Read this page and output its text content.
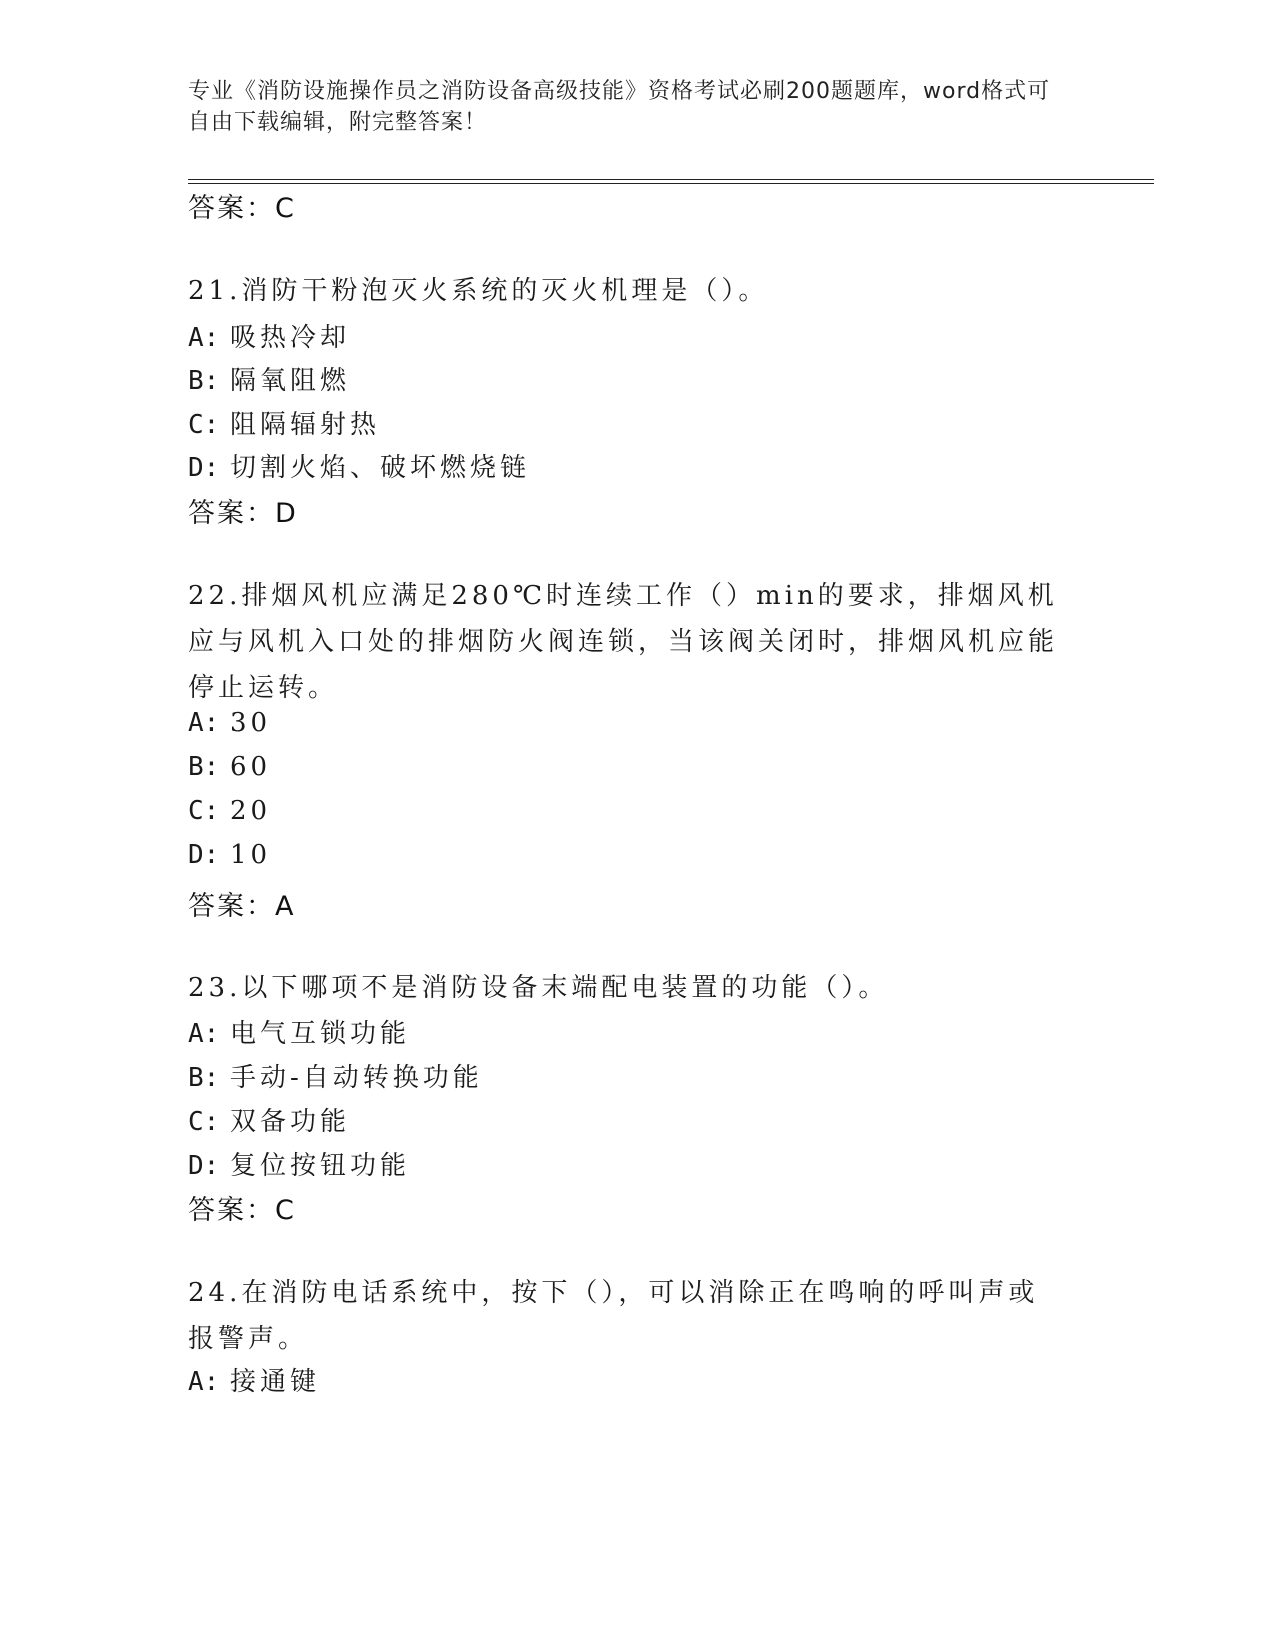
专业《消防设施操作员之消防设备高级技能》资格考试必刷200题题库，word格式可自由下载编辑，附完整答案！
答案：C
21.消防干粉泡灭火系统的灭火机理是（）。
A: 吸热冷却
B: 隔氧阻燃
C: 阻隔辐射热
D: 切割火焰、破坏燃烧链
答案：D
22.排烟风机应满足280℃时连续工作（）min的要求，排烟风机应与风机入口处的排烟防火阀连锁，当该阀关闭时，排烟风机应能停止运转。
A: 30
B: 60
C: 20
D: 10
答案：A
23.以下哪项不是消防设备末端配电装置的功能（）。
A: 电气互锁功能
B: 手动-自动转换功能
C: 双备功能
D: 复位按钮功能
答案：C
24.在消防电话系统中，按下（），可以消除正在鸣响的呼叫声或报警声。
A: 接通键
